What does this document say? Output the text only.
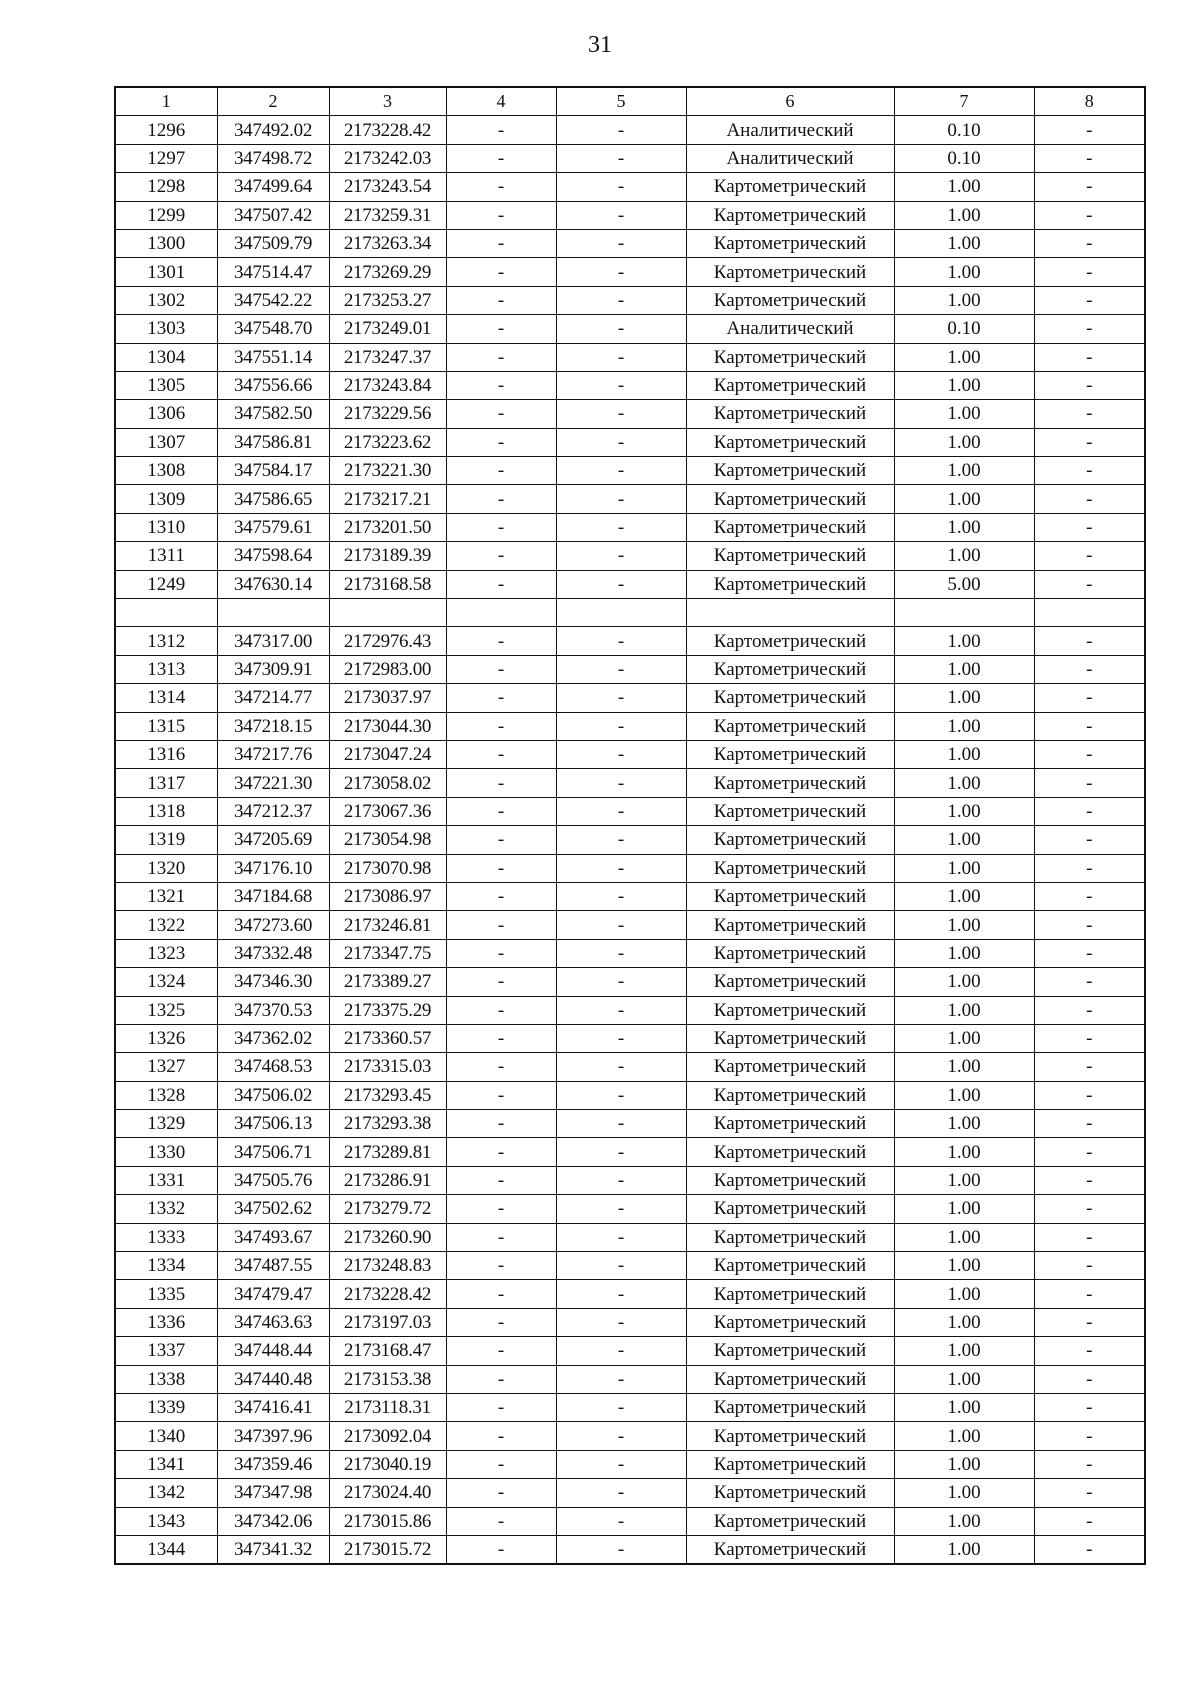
31
1	2	3	4	5	6	7	8
1296	347492.02	2173228.42	-	-	Аналитический	0.10	-
1297	347498.72	2173242.03	-	-	Аналитический	0.10	-
1298	347499.64	2173243.54	-	-	Картометрический	1.00	-
1299	347507.42	2173259.31	-	-	Картометрический	1.00	-
1300	347509.79	2173263.34	-	-	Картометрический	1.00	-
1301	347514.47	2173269.29	-	-	Картометрический	1.00	-
1302	347542.22	2173253.27	-	-	Картометрический	1.00	-
1303	347548.70	2173249.01	-	-	Аналитический	0.10	-
1304	347551.14	2173247.37	-	-	Картометрический	1.00	-
1305	347556.66	2173243.84	-	-	Картометрический	1.00	-
1306	347582.50	2173229.56	-	-	Картометрический	1.00	-
1307	347586.81	2173223.62	-	-	Картометрический	1.00	-
1308	347584.17	2173221.30	-	-	Картометрический	1.00	-
1309	347586.65	2173217.21	-	-	Картометрический	1.00	-
1310	347579.61	2173201.50	-	-	Картометрический	1.00	-
1311	347598.64	2173189.39	-	-	Картометрический	1.00	-
1249	347630.14	2173168.58	-	-	Картометрический	5.00	-

1312	347317.00	2172976.43	-	-	Картометрический	1.00	-
1313	347309.91	2172983.00	-	-	Картометрический	1.00	-
1314	347214.77	2173037.97	-	-	Картометрический	1.00	-
1315	347218.15	2173044.30	-	-	Картометрический	1.00	-
1316	347217.76	2173047.24	-	-	Картометрический	1.00	-
1317	347221.30	2173058.02	-	-	Картометрический	1.00	-
1318	347212.37	2173067.36	-	-	Картометрический	1.00	-
1319	347205.69	2173054.98	-	-	Картометрический	1.00	-
1320	347176.10	2173070.98	-	-	Картометрический	1.00	-
1321	347184.68	2173086.97	-	-	Картометрический	1.00	-
1322	347273.60	2173246.81	-	-	Картометрический	1.00	-
1323	347332.48	2173347.75	-	-	Картометрический	1.00	-
1324	347346.30	2173389.27	-	-	Картометрический	1.00	-
1325	347370.53	2173375.29	-	-	Картометрический	1.00	-
1326	347362.02	2173360.57	-	-	Картометрический	1.00	-
1327	347468.53	2173315.03	-	-	Картометрический	1.00	-
1328	347506.02	2173293.45	-	-	Картометрический	1.00	-
1329	347506.13	2173293.38	-	-	Картометрический	1.00	-
1330	347506.71	2173289.81	-	-	Картометрический	1.00	-
1331	347505.76	2173286.91	-	-	Картометрический	1.00	-
1332	347502.62	2173279.72	-	-	Картометрический	1.00	-
1333	347493.67	2173260.90	-	-	Картометрический	1.00	-
1334	347487.55	2173248.83	-	-	Картометрический	1.00	-
1335	347479.47	2173228.42	-	-	Картометрический	1.00	-
1336	347463.63	2173197.03	-	-	Картометрический	1.00	-
1337	347448.44	2173168.47	-	-	Картометрический	1.00	-
1338	347440.48	2173153.38	-	-	Картометрический	1.00	-
1339	347416.41	2173118.31	-	-	Картометрический	1.00	-
1340	347397.96	2173092.04	-	-	Картометрический	1.00	-
1341	347359.46	2173040.19	-	-	Картометрический	1.00	-
1342	347347.98	2173024.40	-	-	Картометрический	1.00	-
1343	347342.06	2173015.86	-	-	Картометрический	1.00	-
1344	347341.32	2173015.72	-	-	Картометрический	1.00	-
